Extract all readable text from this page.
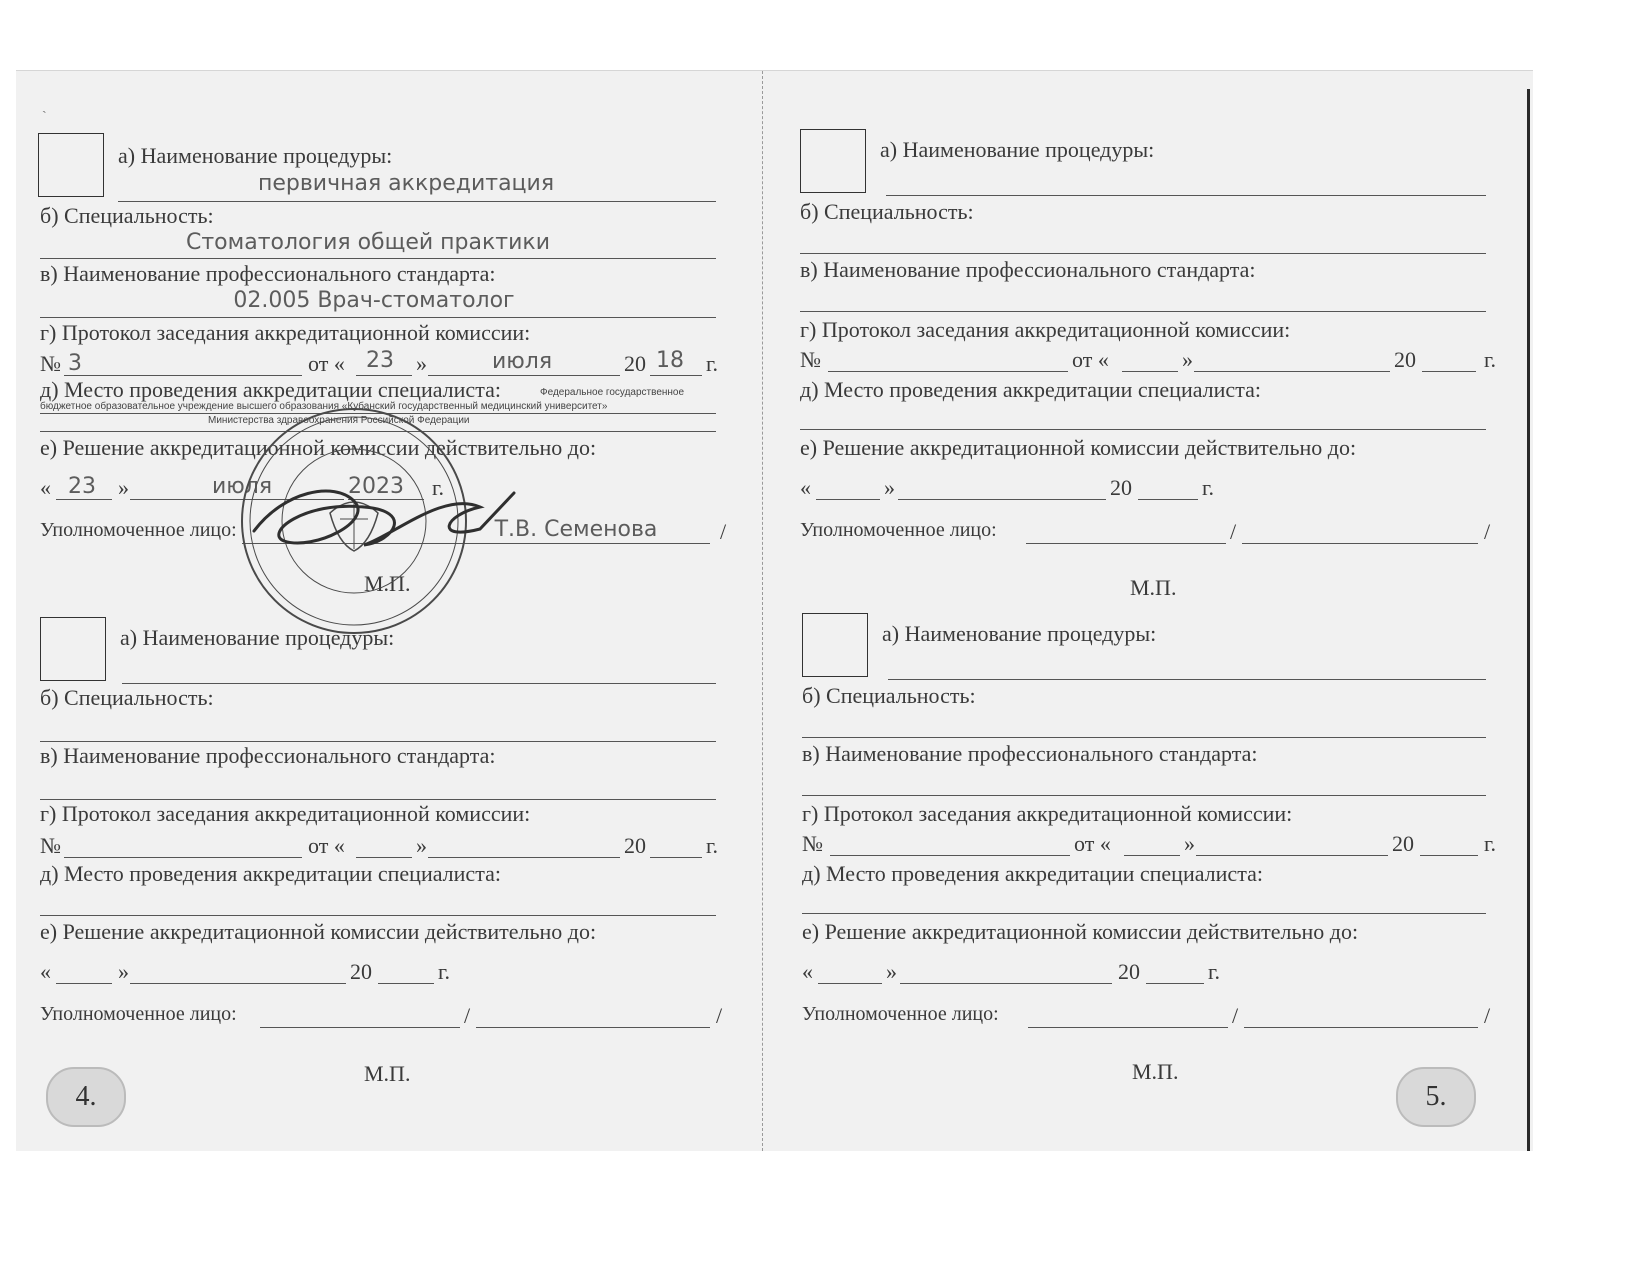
ˎ
а) Наименование процедуры:
первичная аккредитация
б) Специальность:
Стоматология общей практики
в) Наименование профессионального стандарта:
02.005 Врач-стоматолог
г) Протокол заседания аккредитационной комиссии:
№ 3	от « 23 »	июля	20 18 г.
д) Место проведения аккредитации специалиста:	Федеральное государственное
бюджетное образовательное учреждение высшего образования «Кубанский государственный медицинский университет»
Министерства здравоохранения Российской Федерации
е) Решение аккредитационной комиссии действительно до:
« 23 »	июля	2023 г.
Уполномоченное лицо:	Т.В. Семенова	/
М.П.
а) Наименование процедуры:
б) Специальность:
в) Наименование профессионального стандарта:
г) Протокол заседания аккредитационной комиссии:
№	от «	»	20	г.
д) Место проведения аккредитации специалиста:
е) Решение аккредитационной комиссии действительно до:
«	»	20	г.
Уполномоченное лицо:	/	/
М.П.
4.
а) Наименование процедуры:
б) Специальность:
в) Наименование профессионального стандарта:
г) Протокол заседания аккредитационной комиссии:
№	от «	»	20	г.
д) Место проведения аккредитации специалиста:
е) Решение аккредитационной комиссии действительно до:
«	»	20	г.
Уполномоченное лицо:	/	/
М.П.
а) Наименование процедуры:
б) Специальность:
в) Наименование профессионального стандарта:
г) Протокол заседания аккредитационной комиссии:
№	от «	»	20	г.
д) Место проведения аккредитации специалиста:
е) Решение аккредитационной комиссии действительно до:
«	»	20	г.
Уполномоченное лицо:	/	/
М.П.
5.
